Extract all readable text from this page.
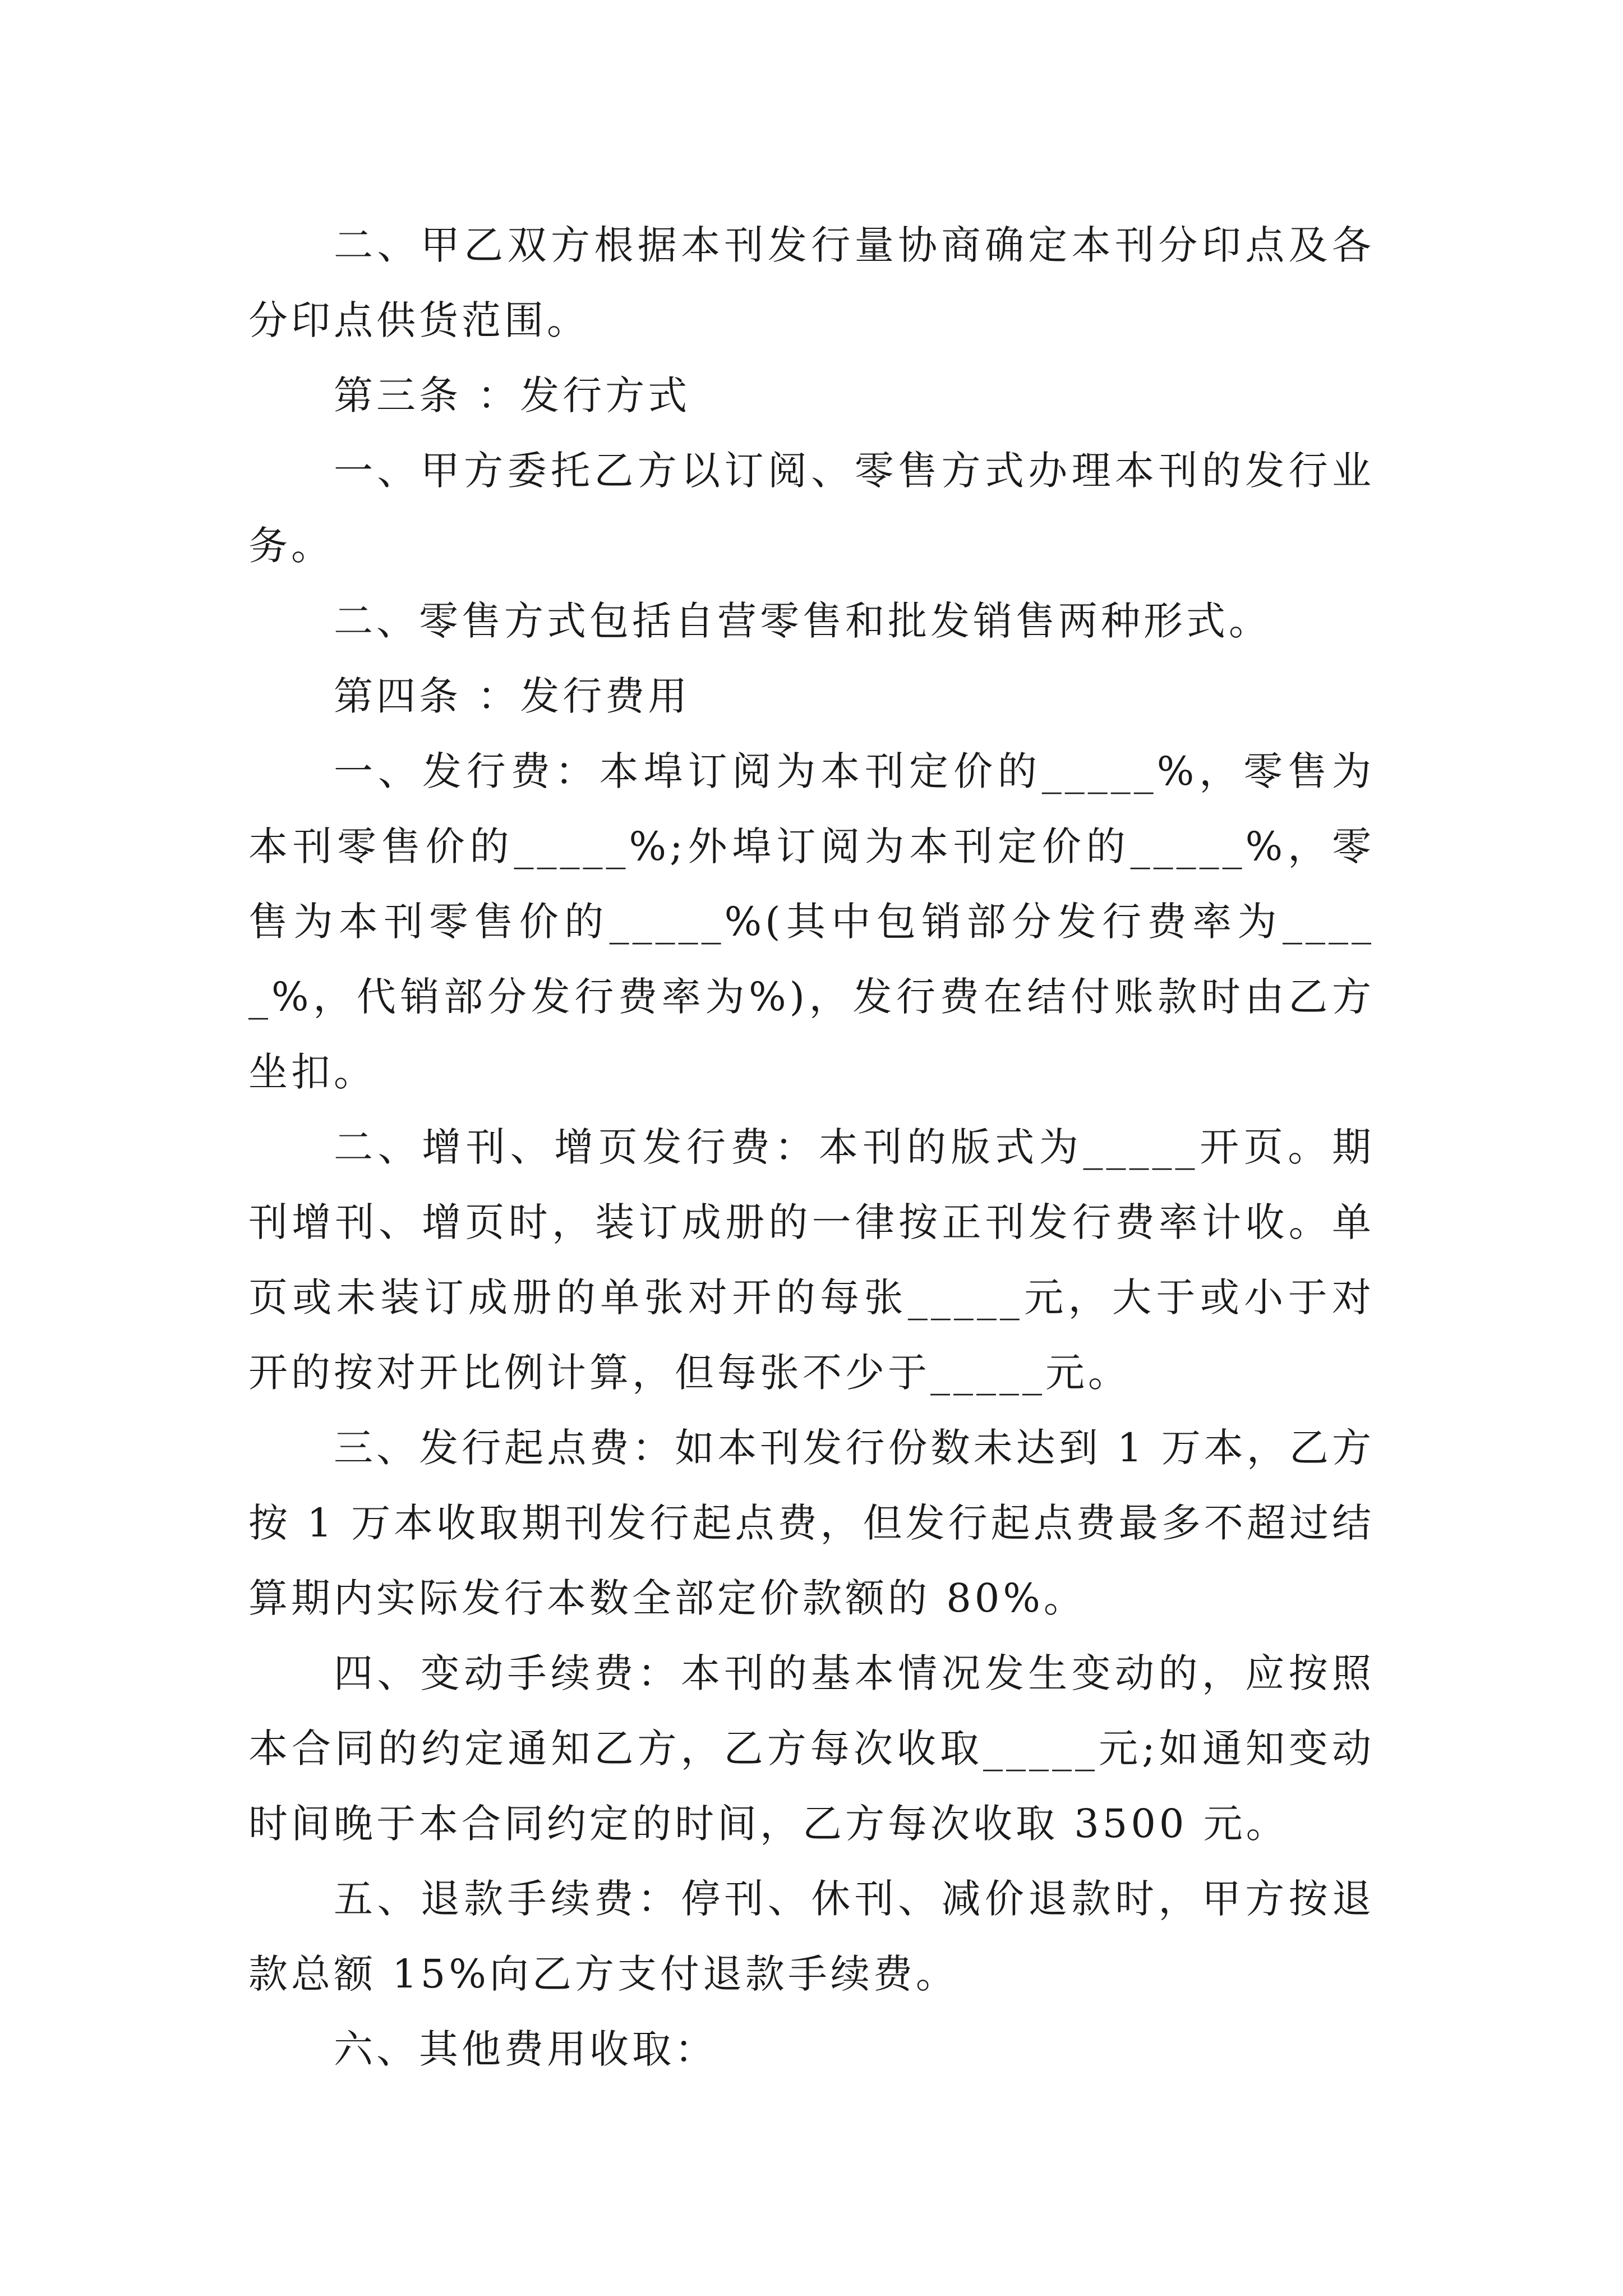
二、甲乙双方根据本刊发行量协商确定本刊分印点及各分印点供货范围。

第三条 ：发行方式

一、甲方委托乙方以订阅、零售方式办理本刊的发行业务。

二、零售方式包括自营零售和批发销售两种形式。

第四条 ：发行费用

一、发行费：本埠订阅为本刊定价的_____%，零售为本刊零售价的_____%;外埠订阅为本刊定价的_____%，零售为本刊零售价的_____%(其中包销部分发行费率为_____%，代销部分发行费率为%)，发行费在结付账款时由乙方坐扣。

二、增刊、增页发行费：本刊的版式为_____开页。期刊增刊、增页时，装订成册的一律按正刊发行费率计收。单页或未装订成册的单张对开的每张_____元，大于或小于对开的按对开比例计算，但每张不少于_____元。

三、发行起点费：如本刊发行份数未达到 1 万本，乙方按 1 万本收取期刊发行起点费，但发行起点费最多不超过结算期内实际发行本数全部定价款额的 80%。

四、变动手续费：本刊的基本情况发生变动的，应按照本合同的约定通知乙方，乙方每次收取_____元;如通知变动时间晚于本合同约定的时间，乙方每次收取 3500 元。

五、退款手续费：停刊、休刊、减价退款时，甲方按退款总额 15%向乙方支付退款手续费。

六、其他费用收取：
